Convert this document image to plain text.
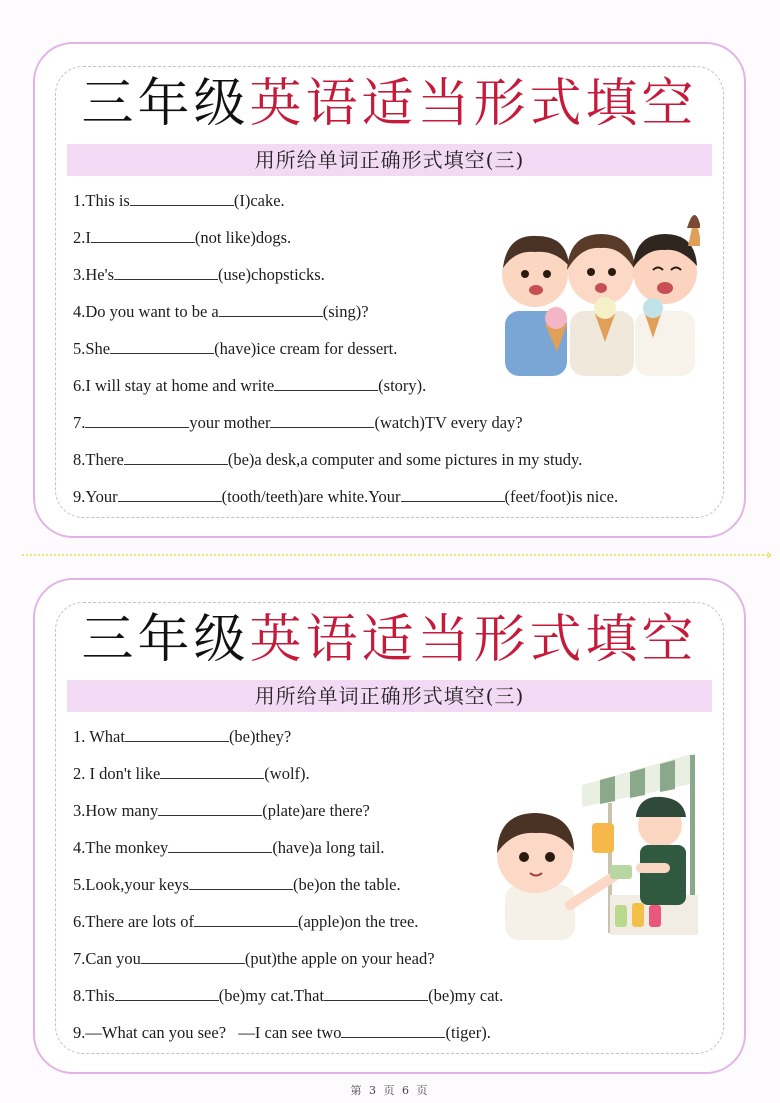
三年级英语适当形式填空
用所给单词正确形式填空(三)
1.This is	(I)cake.
2.I	(not like)dogs.
3.He's	(use)chopsticks.
4.Do you want to be a	(sing)?
5.She	(have)ice cream for dessert.
6.I will stay at home and write	(story).
7.	your mother	(watch)TV every day?
8.There	(be)a desk,a computer and some pictures in my study.
9.Your	(tooth/teeth)are white.Your	(feet/foot)is nice.
›
三年级英语适当形式填空
用所给单词正确形式填空(三)
1. What	(be)they?
2. I don't like	(wolf).
3.How many	(plate)are there?
4.The monkey	(have)a long tail.
5.Look,your keys	(be)on the table.
6.There are lots of	(apple)on the tree.
7.Can you	(put)the apple on your head?
8.This	(be)my cat.That	(be)my cat.
9.—What can you see?   —I can see two	(tiger).
第 3 页 6 页
